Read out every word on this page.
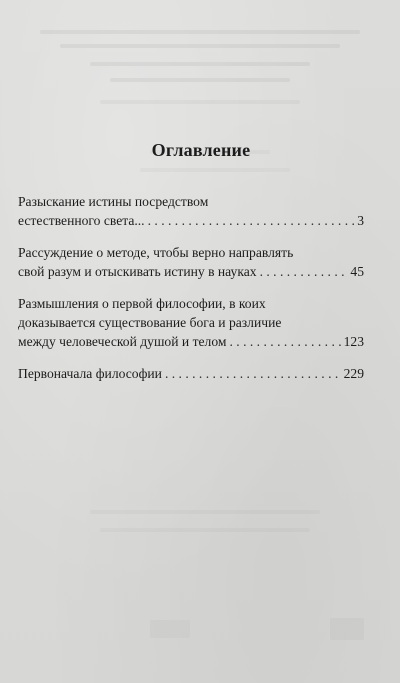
Оглавление
Разыскание истины посредством
естественного света... . . .	3
Рассуждение о методе, чтобы верно направлять
свой разум и отыскивать истину в науках . . .	45
Размышления о первой философии, в коих
доказывается существование бога и различие
между человеческой душой и телом . . .	123
Первоначала философии . . .	229
